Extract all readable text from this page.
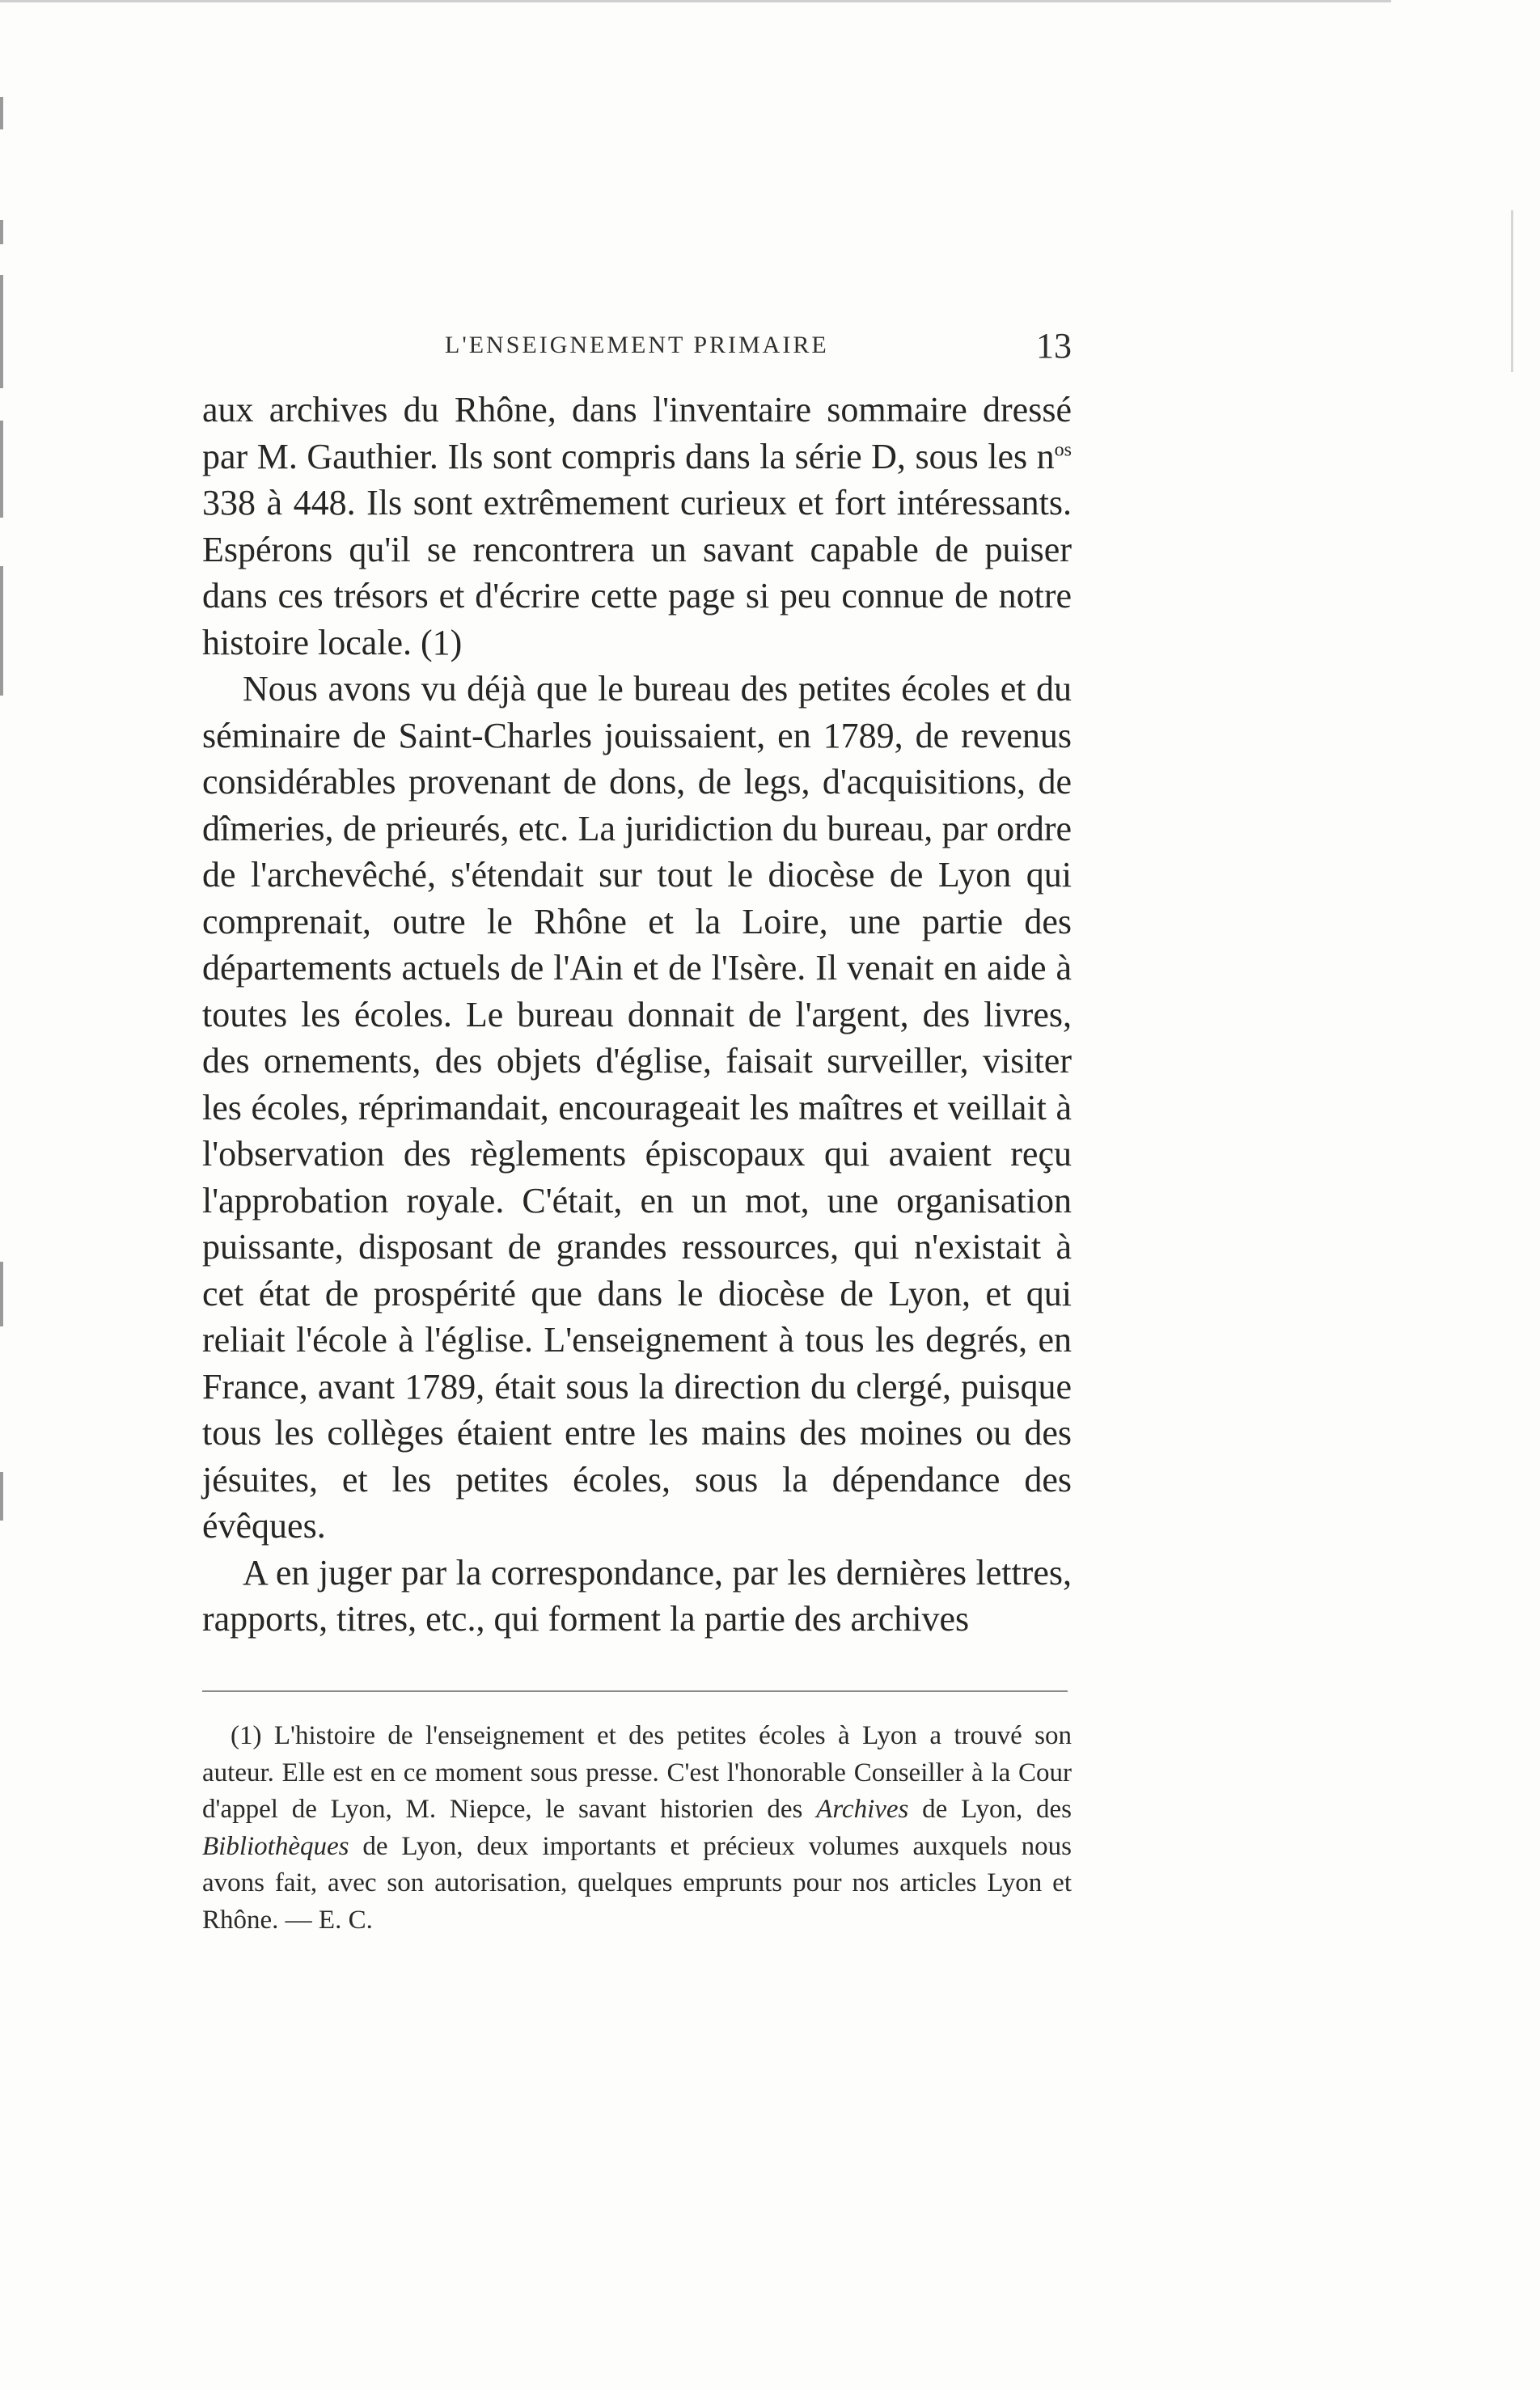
L'ENSEIGNEMENT PRIMAIRE	13

aux archives du Rhône, dans l'inventaire sommaire dressé par M. Gauthier. Ils sont compris dans la série D, sous les $n^{os}$ 338 à 448. Ils sont extrêmement curieux et fort intéressants. Espérons qu'il se rencontrera un savant capable de puiser dans ces trésors et d'écrire cette page si peu connue de notre histoire locale. (1)

Nous avons vu déjà que le bureau des petites écoles et du séminaire de Saint-Charles jouissaient, en 1789, de revenus considérables provenant de dons, de legs, d'acquisitions, de dîmeries, de prieurés, etc. La juridiction du bureau, par ordre de l'archevêché, s'étendait sur tout le diocèse de Lyon qui comprenait, outre le Rhône et la Loire, une partie des départements actuels de l'Ain et de l'Isère. Il venait en aide à toutes les écoles. Le bureau donnait de l'argent, des livres, des ornements, des objets d'église, faisait surveiller, visiter les écoles, réprimandait, encourageait les maîtres et veillait à l'observation des règlements épiscopaux qui avaient reçu l'approbation royale. C'était, en un mot, une organisation puissante, disposant de grandes ressources, qui n'existait à cet état de prospérité que dans le diocèse de Lyon, et qui reliait l'école à l'église. L'enseignement à tous les degrés, en France, avant 1789, était sous la direction du clergé, puisque tous les collèges étaient entre les mains des moines ou des jésuites, et les petites écoles, sous la dépendance des évêques.

A en juger par la correspondance, par les dernières lettres, rapports, titres, etc., qui forment la partie des archives

(1) L'histoire de l'enseignement et des petites écoles à Lyon a trouvé son auteur. Elle est en ce moment sous presse. C'est l'honorable Conseiller à la Cour d'appel de Lyon, M. Niepce, le savant historien des Archives de Lyon, des Bibliothèques de Lyon, deux importants et précieux volumes auxquels nous avons fait, avec son autorisation, quelques emprunts pour nos articles Lyon et Rhône. — E. C.
